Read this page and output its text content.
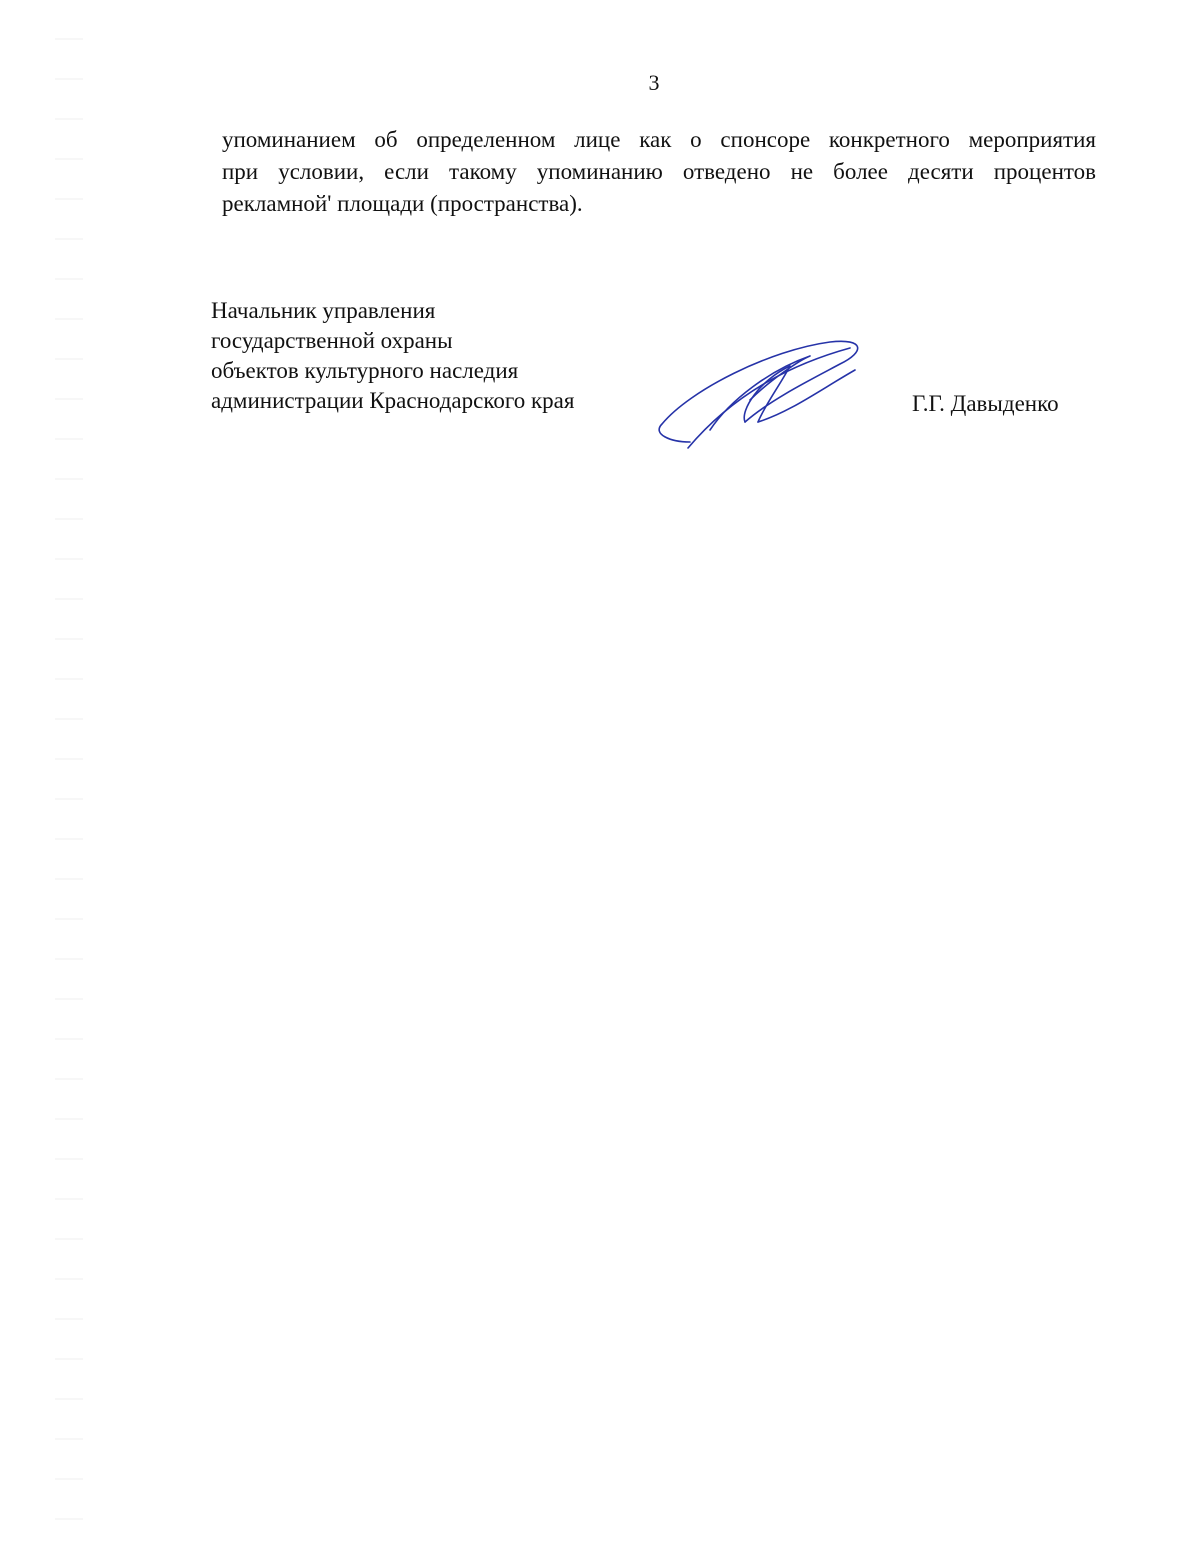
3

упоминанием об определенном лице как о спонсоре конкретного мероприятия
при условии, если такому упоминанию отведено не более десяти процентов
рекламной' площади (пространства).

Начальник управления
государственной охраны
объектов культурного наследия
администрации Краснодарского края	Г.Г. Давыденко
